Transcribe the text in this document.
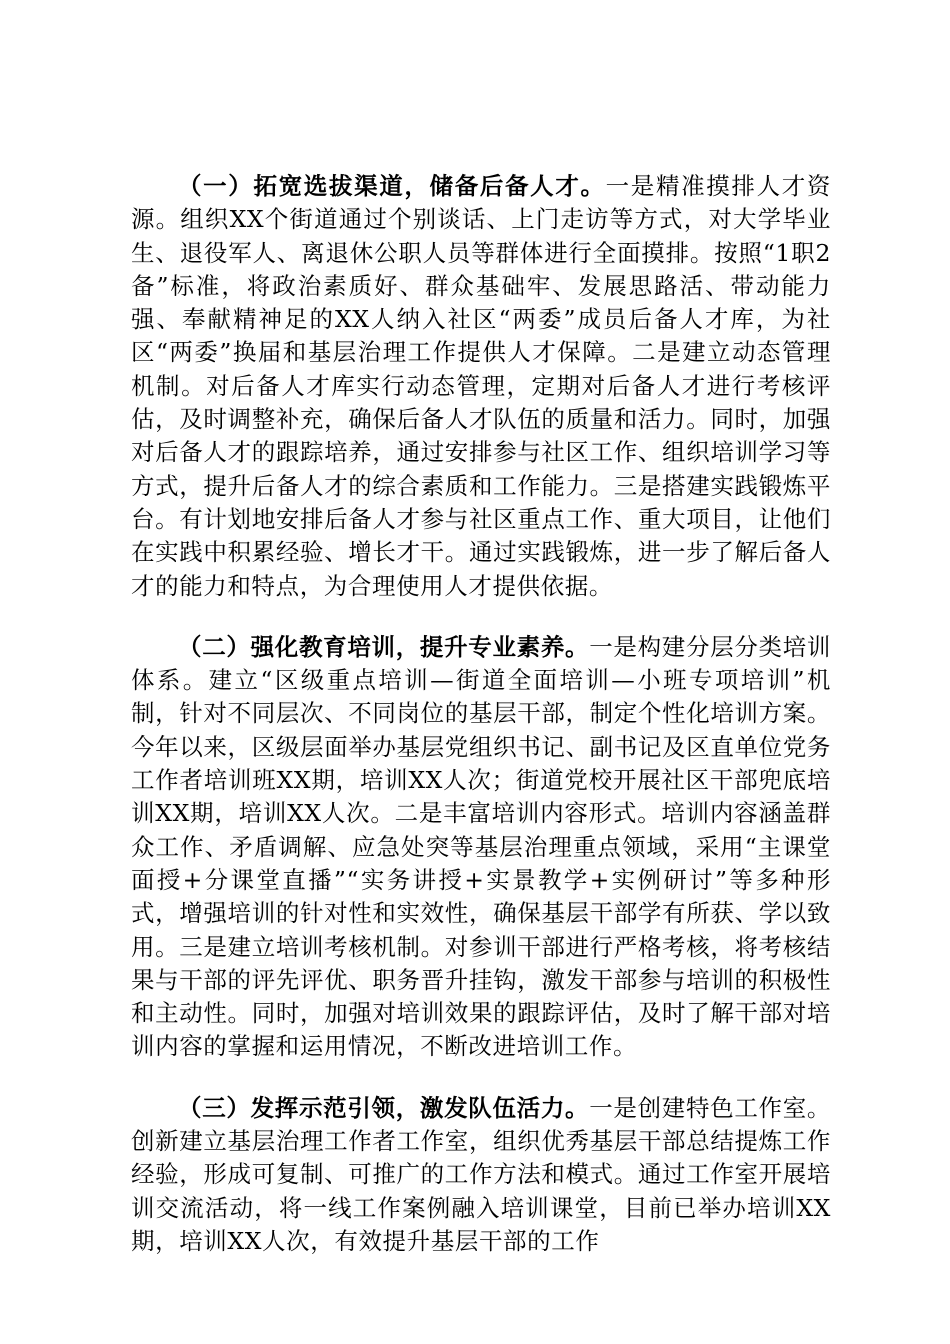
（一）拓宽选拔渠道，储备后备人才。一是精准摸排人才资源。组织XX个街道通过个别谈话、上门走访等方式，对大学毕业生、退役军人、离退休公职人员等群体进行全面摸排。按照“1职2备”标准，将政治素质好、群众基础牢、发展思路活、带动能力强、奉献精神足的XX人纳入社区“两委”成员后备人才库，为社区“两委”换届和基层治理工作提供人才保障。二是建立动态管理机制。对后备人才库实行动态管理，定期对后备人才进行考核评估，及时调整补充，确保后备人才队伍的质量和活力。同时，加强对后备人才的跟踪培养，通过安排参与社区工作、组织培训学习等方式，提升后备人才的综合素质和工作能力。三是搭建实践锻炼平台。有计划地安排后备人才参与社区重点工作、重大项目，让他们在实践中积累经验、增长才干。通过实践锻炼，进一步了解后备人才的能力和特点，为合理使用人才提供依据。

（二）强化教育培训，提升专业素养。一是构建分层分类培训体系。建立“区级重点培训—街道全面培训—小班专项培训”机制，针对不同层次、不同岗位的基层干部，制定个性化培训方案。今年以来，区级层面举办基层党组织书记、副书记及区直单位党务工作者培训班XX期，培训XX人次；街道党校开展社区干部兜底培训XX期，培训XX人次。二是丰富培训内容形式。培训内容涵盖群众工作、矛盾调解、应急处突等基层治理重点领域，采用“主课堂面授+分课堂直播”“实务讲授+实景教学+实例研讨”等多种形式，增强培训的针对性和实效性，确保基层干部学有所获、学以致用。三是建立培训考核机制。对参训干部进行严格考核，将考核结果与干部的评先评优、职务晋升挂钩，激发干部参与培训的积极性和主动性。同时，加强对培训效果的跟踪评估，及时了解干部对培训内容的掌握和运用情况，不断改进培训工作。

（三）发挥示范引领，激发队伍活力。一是创建特色工作室。创新建立基层治理工作者工作室，组织优秀基层干部总结提炼工作经验，形成可复制、可推广的工作方法和模式。通过工作室开展培训交流活动，将一线工作案例融入培训课堂，目前已举办培训XX期，培训XX人次，有效提升基层干部的工作
